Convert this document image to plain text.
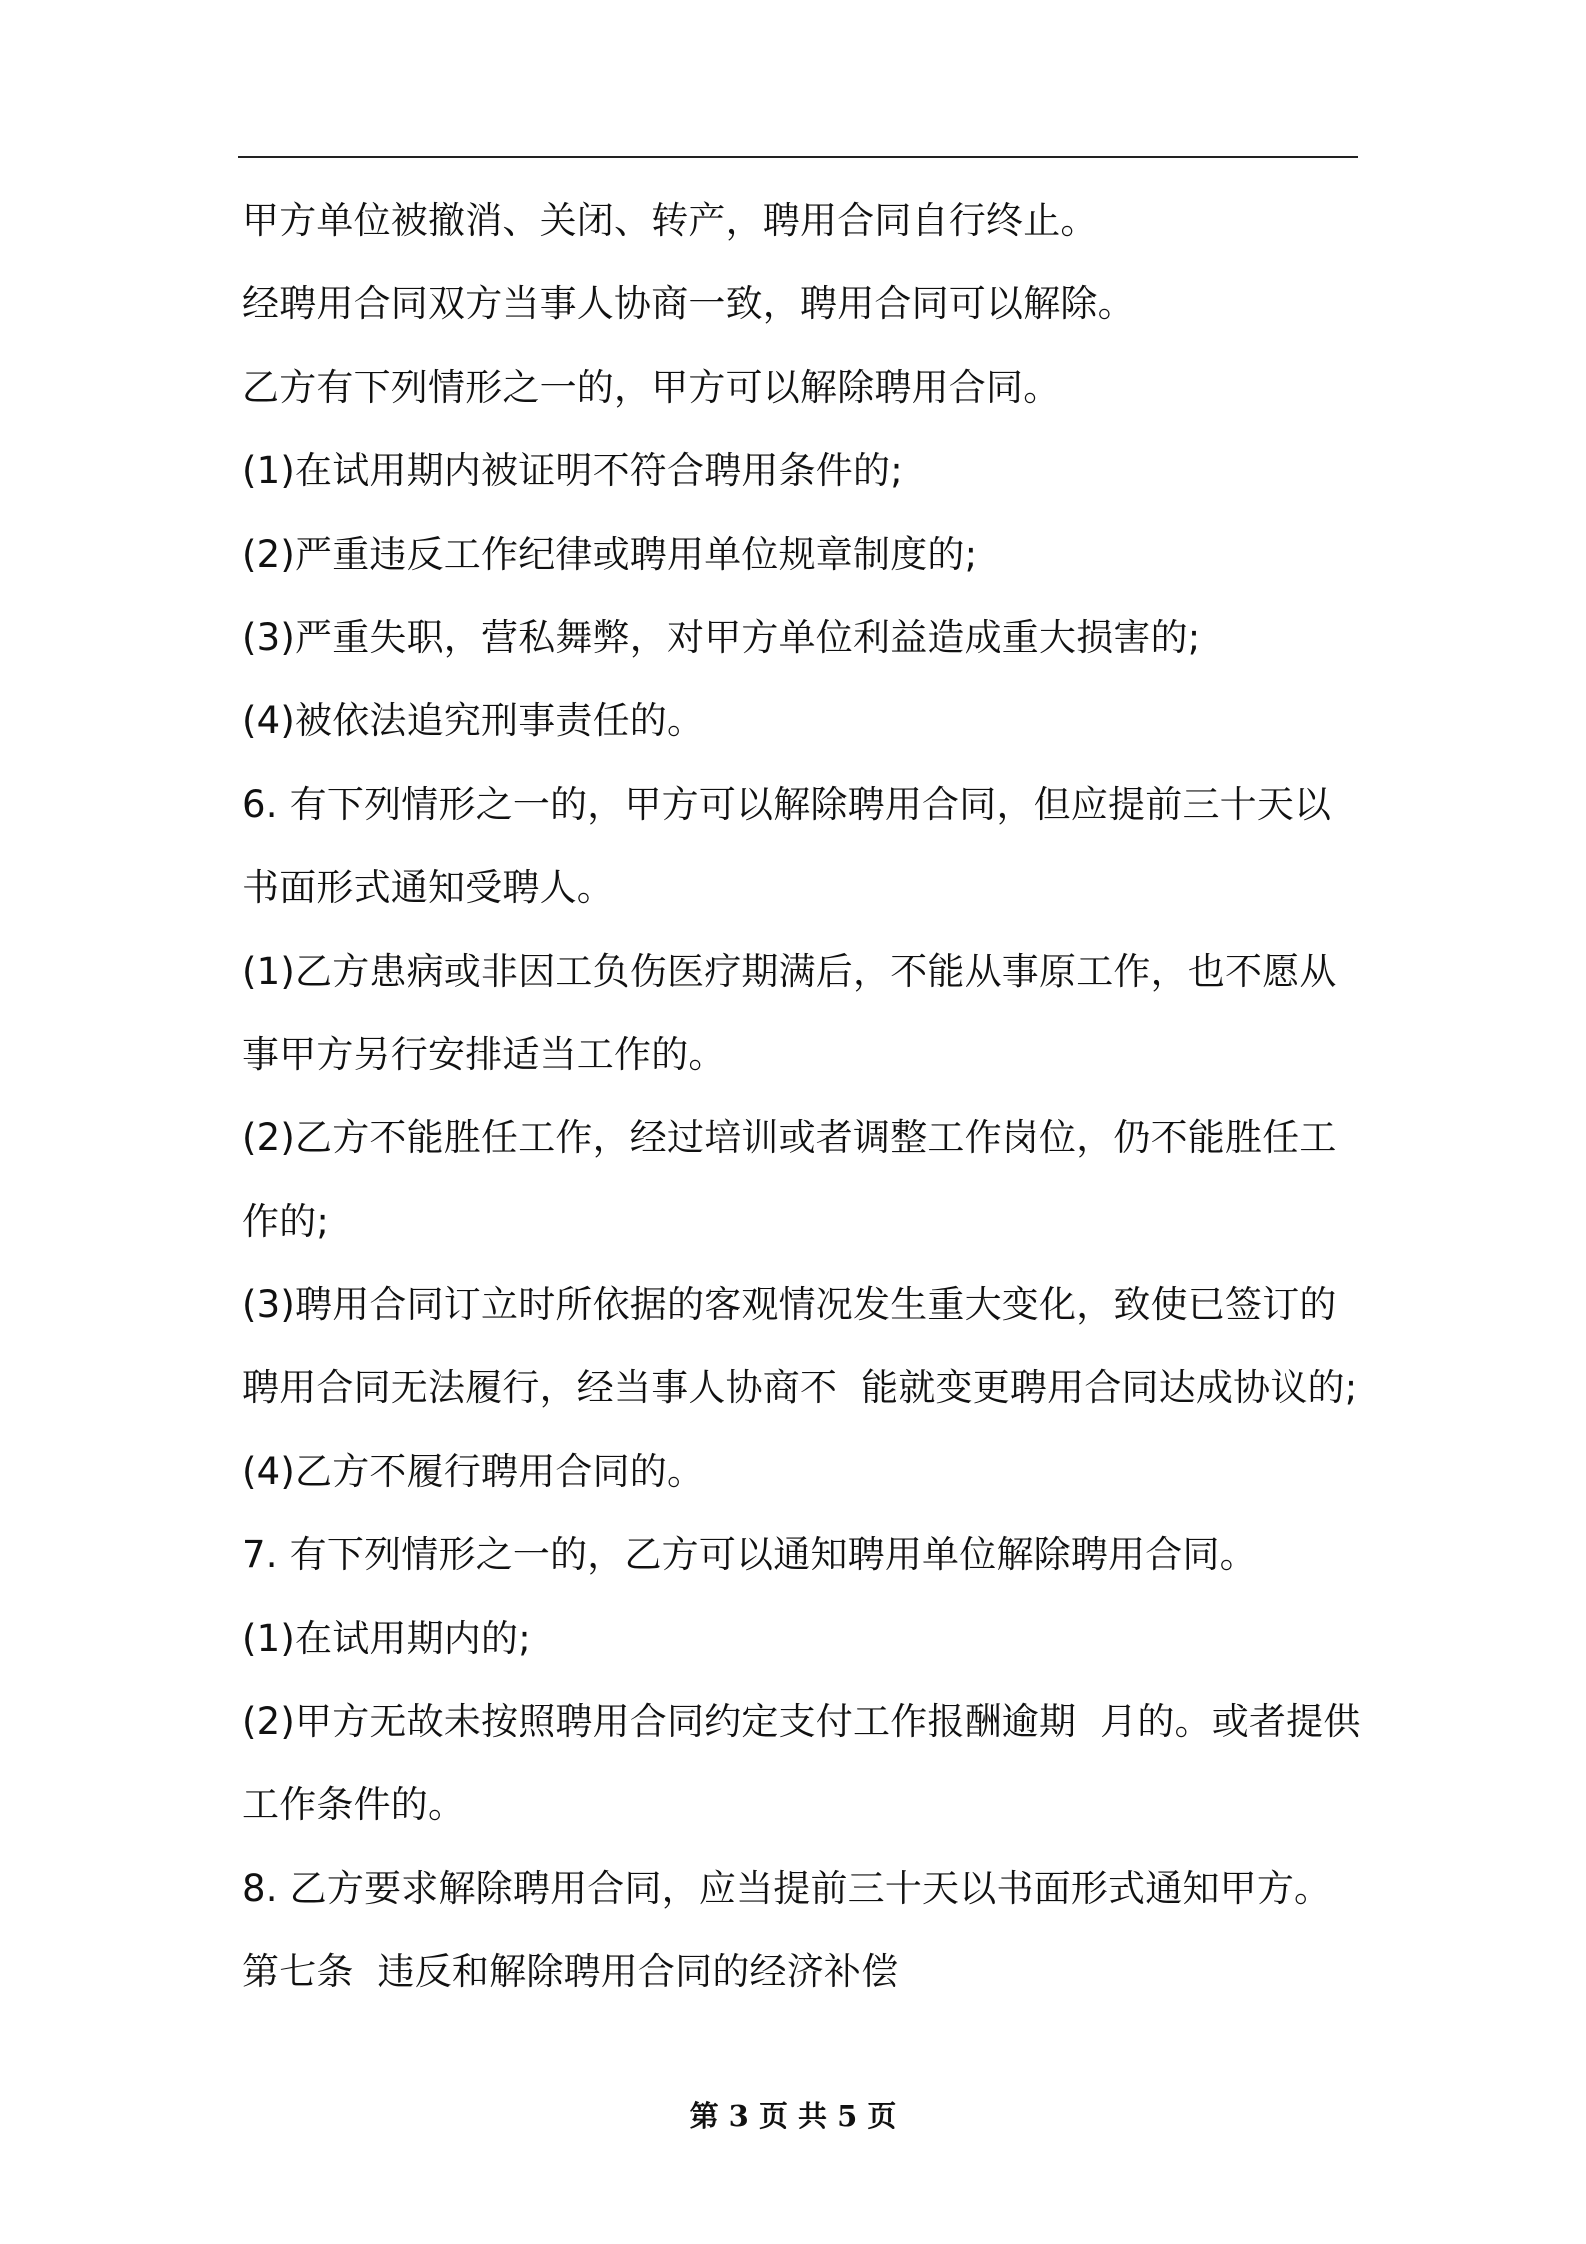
甲方单位被撤消、关闭、转产，聘用合同自行终止。
经聘用合同双方当事人协商一致，聘用合同可以解除。
乙方有下列情形之一的，甲方可以解除聘用合同。
(1)在试用期内被证明不符合聘用条件的;
(2)严重违反工作纪律或聘用单位规章制度的;
(3)严重失职，营私舞弊，对甲方单位利益造成重大损害的;
(4)被依法追究刑事责任的。
6. 有下列情形之一的，甲方可以解除聘用合同，但应提前三十天以
书面形式通知受聘人。
(1)乙方患病或非因工负伤医疗期满后，不能从事原工作，也不愿从
事甲方另行安排适当工作的。
(2)乙方不能胜任工作，经过培训或者调整工作岗位，仍不能胜任工
作的;
(3)聘用合同订立时所依据的客观情况发生重大变化，致使已签订的
聘用合同无法履行，经当事人协商不  能就变更聘用合同达成协议的;
(4)乙方不履行聘用合同的。
7. 有下列情形之一的，乙方可以通知聘用单位解除聘用合同。
(1)在试用期内的;
(2)甲方无故未按照聘用合同约定支付工作报酬逾期  月的。或者提供
工作条件的。
8. 乙方要求解除聘用合同，应当提前三十天以书面形式通知甲方。
第七条  违反和解除聘用合同的经济补偿
第 3 页 共 5 页
